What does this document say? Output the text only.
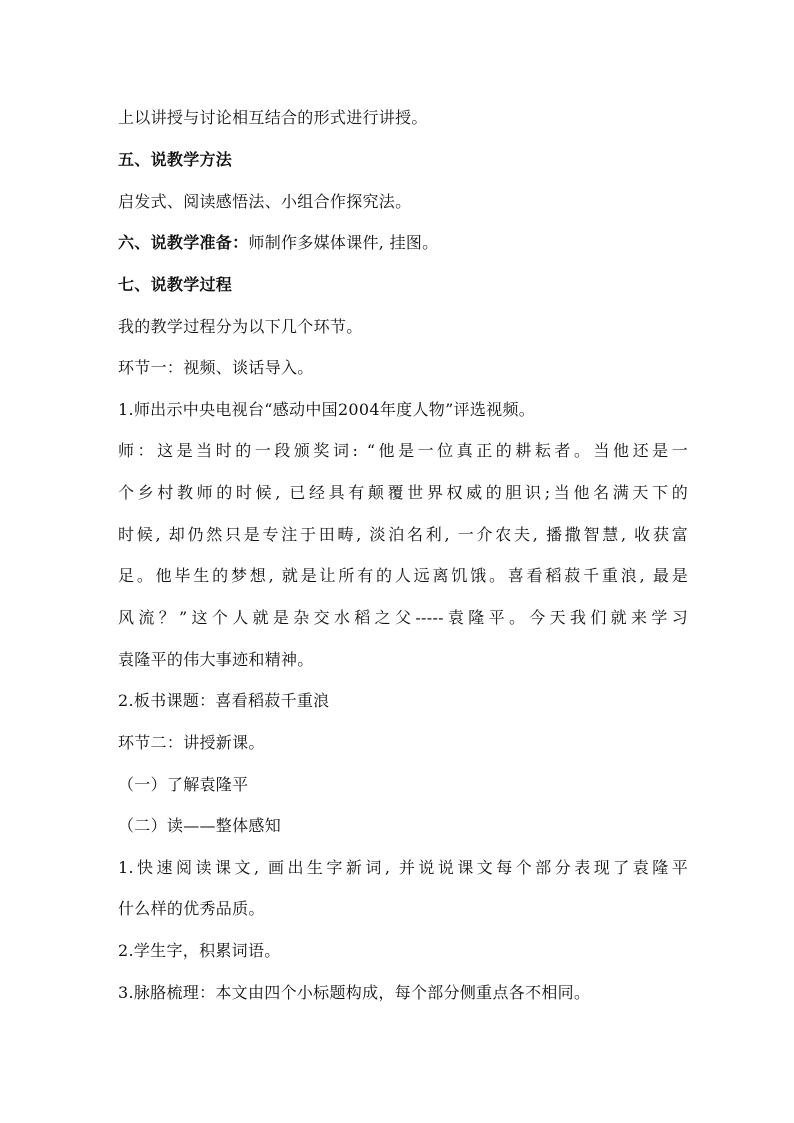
上以讲授与讨论相互结合的形式进行讲授。
五、说教学方法
启发式、阅读感悟法、小组合作探究法。
六、说教学准备：师制作多媒体课件, 挂图。
七、说教学过程
我的教学过程分为以下几个环节。
环节一：视频、谈话导入。
1.师出示中央电视台“感动中国2004年度人物”评选视频。
师：这是当时的一段颁奖词: “他是一位真正的耕耘者。当他还是一
个乡村教师的时候, 已经具有颠覆世界权威的胆识;当他名满天下的
时候, 却仍然只是专注于田畴, 淡泊名利, 一介农夫, 播撒智慧, 收获富
足。他毕生的梦想, 就是让所有的人远离饥饿。喜看稻菽千重浪, 最是
风流？”这个人就是杂交水稻之父-----袁隆平。今天我们就来学习
袁隆平的伟大事迹和精神。
2.板书课题：喜看稻菽千重浪
环节二：讲授新课。
（一）了解袁隆平
（二）读——整体感知
1.快速阅读课文, 画出生字新词, 并说说课文每个部分表现了袁隆平
什么样的优秀品质。
2.学生字，积累词语。
3.脉胳梳理：本文由四个小标题构成，每个部分侧重点各不相同。
